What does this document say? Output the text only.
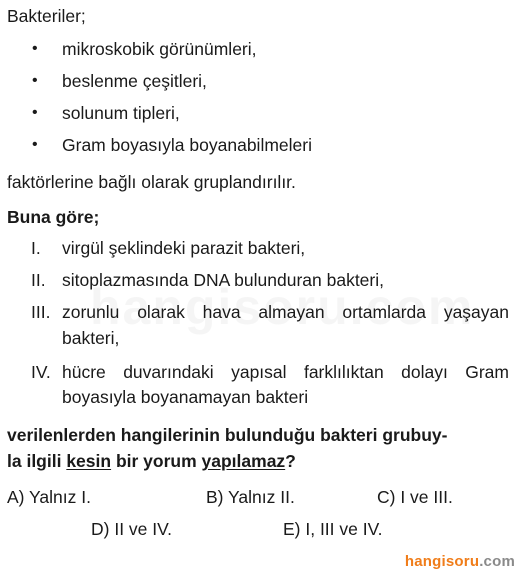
Bakteriler;
• mikroskobik görünümleri,
• beslenme çeşitleri,
• solunum tipleri,
• Gram boyasıyla boyanabilmeleri
faktörlerine bağlı olarak gruplandırılır.
Buna göre;
I. virgül şeklindeki parazit bakteri,
II. sitoplazmasında DNA bulunduran bakteri,
III. zorunlu olarak hava almayan ortamlarda yaşayan
bakteri,
IV. hücre duvarındaki yapısal farklılıktan dolayı Gram
boyasıyla boyanamayan bakteri
verilenlerden hangilerinin bulunduğu bakteri grubuy-
la ilgili kesin bir yorum yapılamaz?
A) Yalnız I.	B) Yalnız II.	C) I ve III.
D) II ve IV.	E) I, III ve IV.
hangisoru.com
